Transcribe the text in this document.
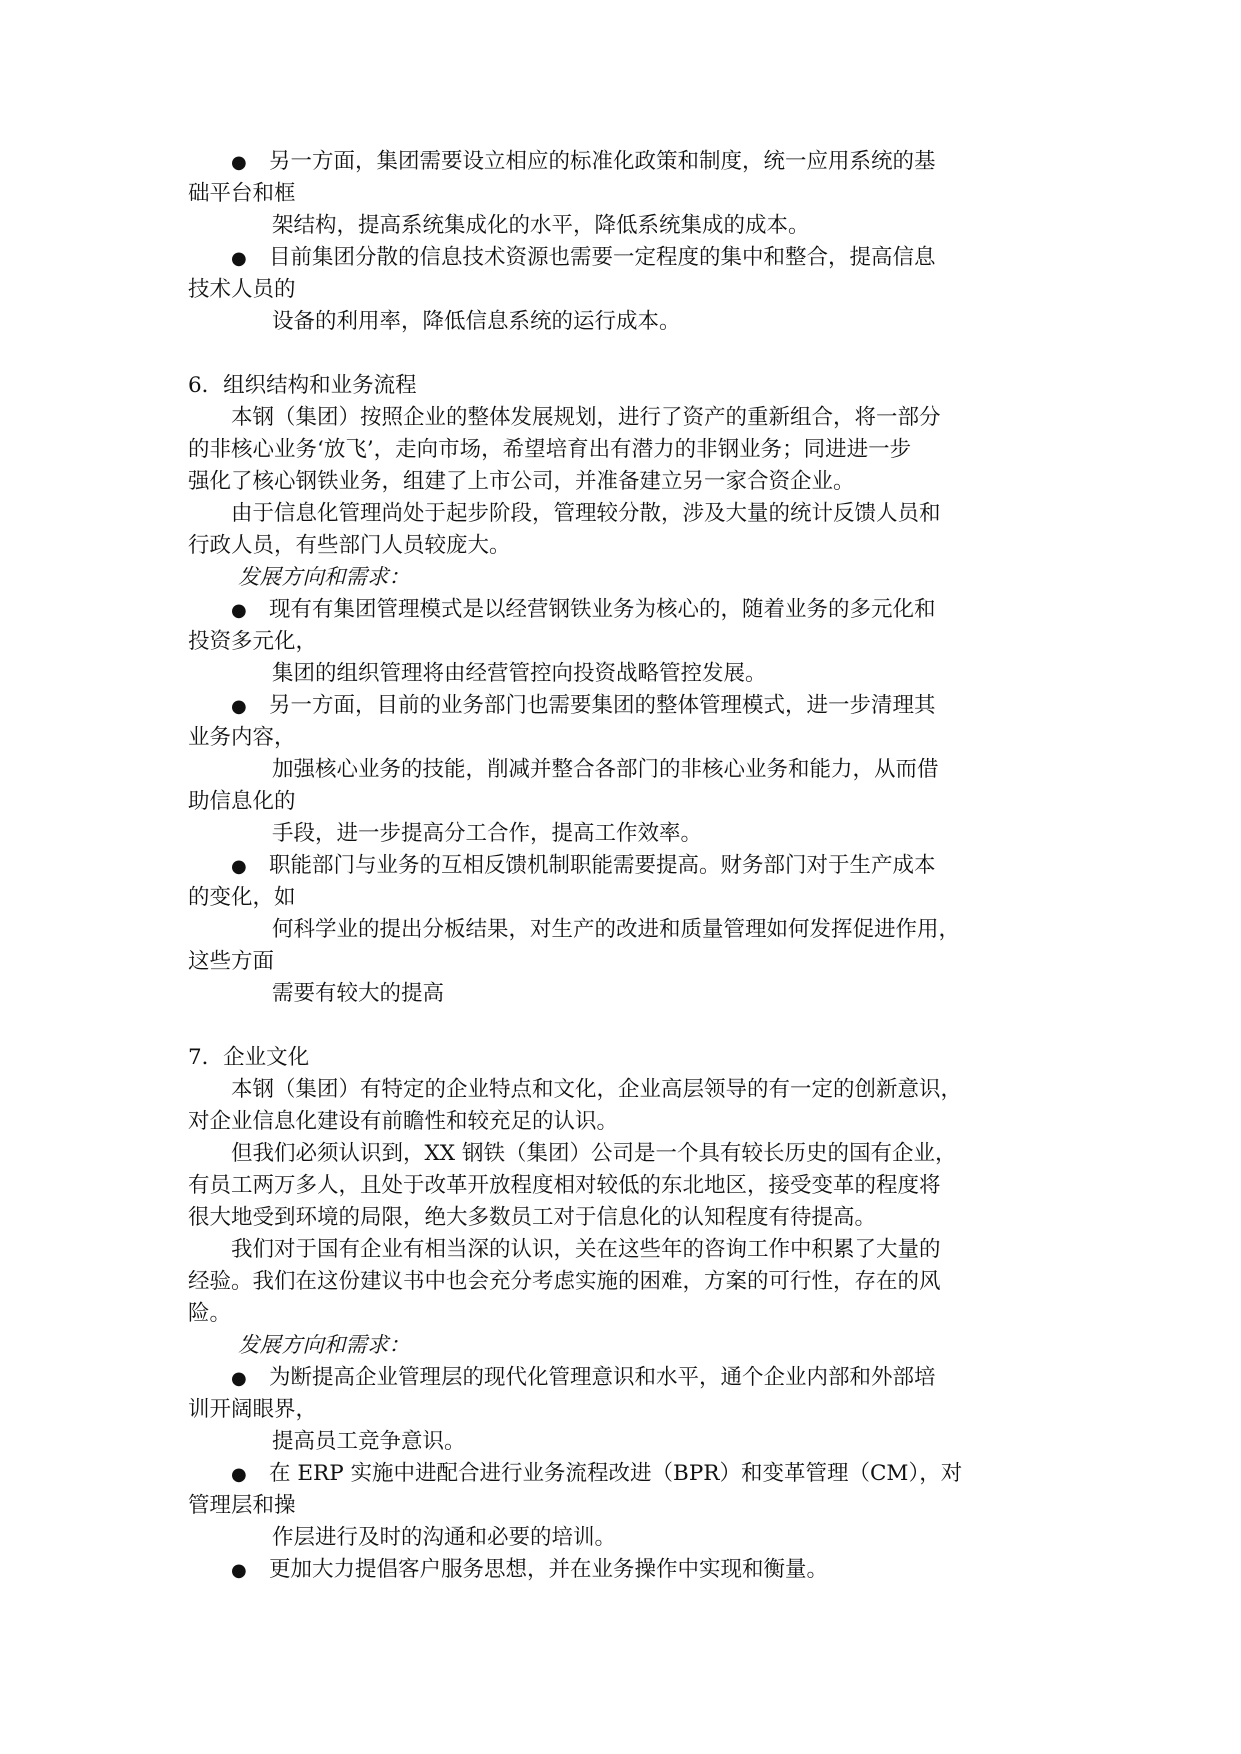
● 另一方面，集团需要设立相应的标准化政策和制度，统一应用系统的基
础平台和框
架结构，提高系统集成化的水平，降低系统集成的成本。
● 目前集团分散的信息技术资源也需要一定程度的集中和整合，提高信息
技术人员的
设备的利用率，降低信息系统的运行成本。
6．组织结构和业务流程
本钢（集团）按照企业的整体发展规划，进行了资产的重新组合，将一部分
的非核心业务‘放飞’，走向市场，希望培育出有潜力的非钢业务；同进进一步
强化了核心钢铁业务，组建了上市公司，并准备建立另一家合资企业。
由于信息化管理尚处于起步阶段，管理较分散，涉及大量的统计反馈人员和
行政人员，有些部门人员较庞大。
发展方向和需求：
● 现有有集团管理模式是以经营钢铁业务为核心的，随着业务的多元化和
投资多元化，
集团的组织管理将由经营管控向投资战略管控发展。
● 另一方面，目前的业务部门也需要集团的整体管理模式，进一步清理其
业务内容，
加强核心业务的技能，削减并整合各部门的非核心业务和能力，从而借
助信息化的
手段，进一步提高分工合作，提高工作效率。
● 职能部门与业务的互相反馈机制职能需要提高。财务部门对于生产成本
的变化，如
何科学业的提出分板结果，对生产的改进和质量管理如何发挥促进作用，
这些方面
需要有较大的提高
7．企业文化
本钢（集团）有特定的企业特点和文化，企业高层领导的有一定的创新意识，
对企业信息化建设有前瞻性和较充足的认识。
但我们必须认识到，XX 钢铁（集团）公司是一个具有较长历史的国有企业，
有员工两万多人，且处于改革开放程度相对较低的东北地区，接受变革的程度将
很大地受到环境的局限，绝大多数员工对于信息化的认知程度有待提高。
我们对于国有企业有相当深的认识，关在这些年的咨询工作中积累了大量的
经验。我们在这份建议书中也会充分考虑实施的困难，方案的可行性，存在的风
险。
发展方向和需求：
● 为断提高企业管理层的现代化管理意识和水平，通个企业内部和外部培
训开阔眼界，
提高员工竞争意识。
● 在 ERP 实施中进配合进行业务流程改进（BPR）和变革管理（CM），对
管理层和操
作层进行及时的沟通和必要的培训。
● 更加大力提倡客户服务思想，并在业务操作中实现和衡量。
